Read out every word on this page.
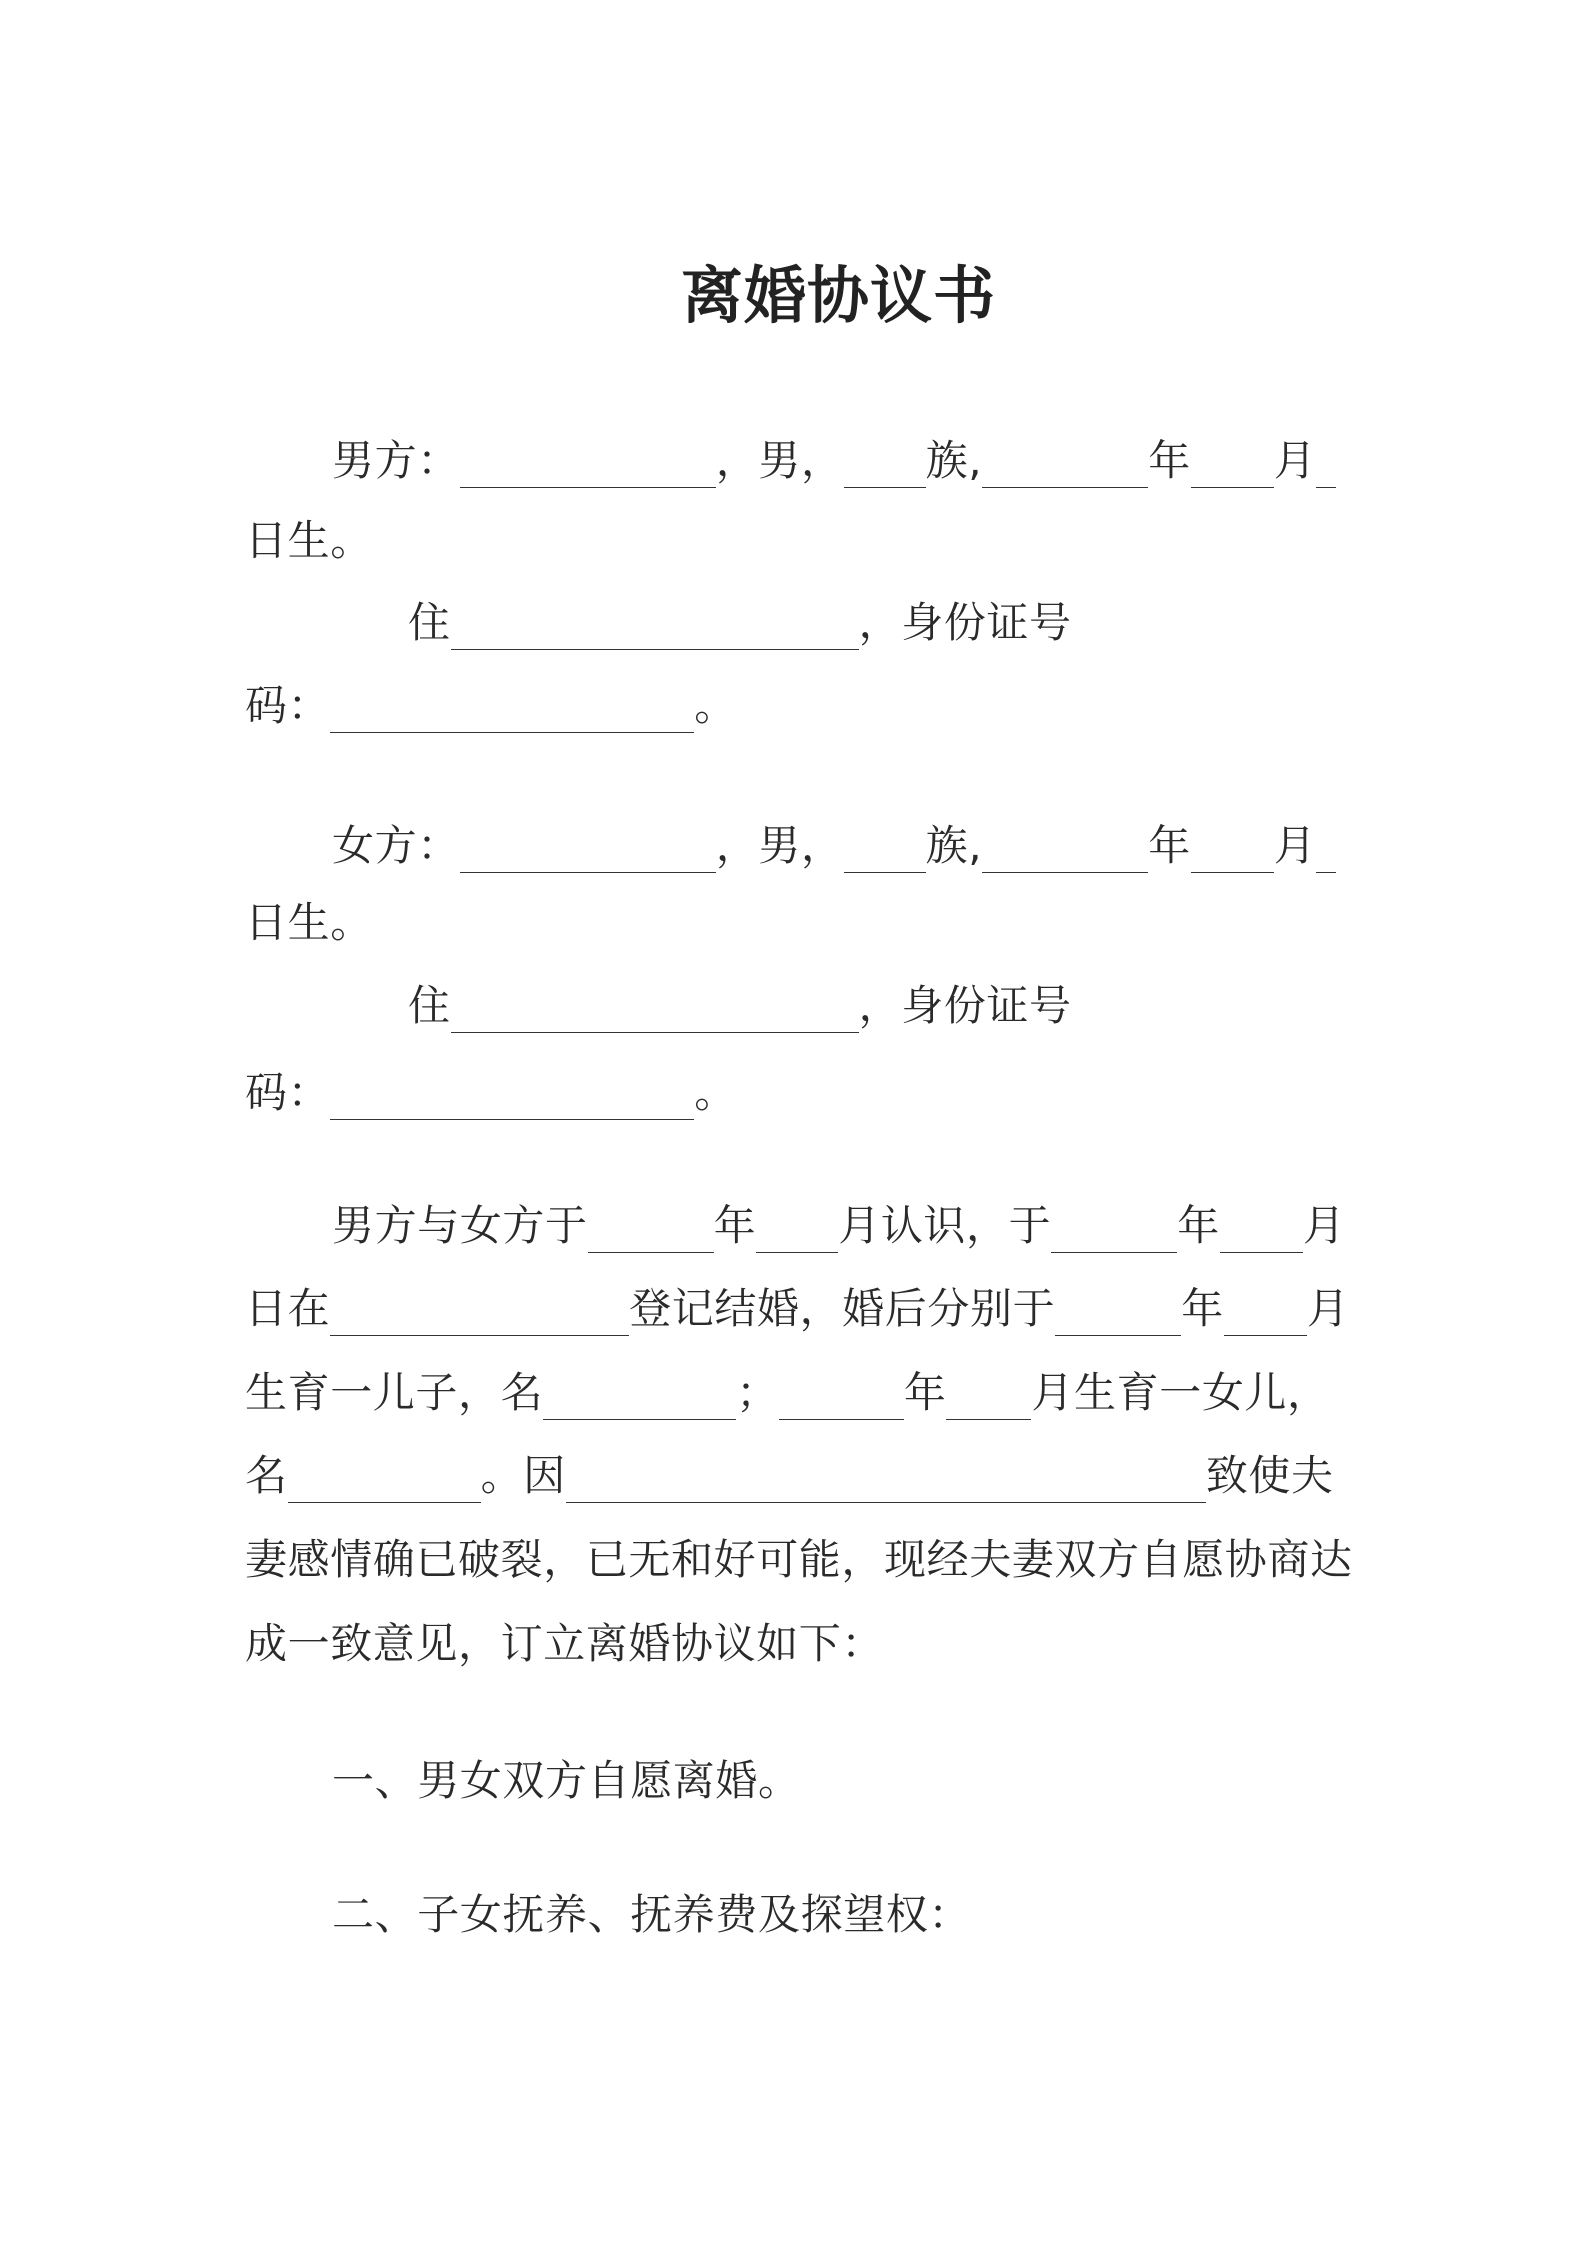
离婚协议书
男方：	，男， 族,	年 月
日生。
住	，身份证号
码：	。
女方：	，男， 族,	年 月
日生。
住	，身份证号
码：	。
男方与女方于	年 月认识，于	年 月
日在	登记结婚，婚后分别于	年 月
生育一儿子，名	；	年 月生育一女儿，
名	。因	致使夫
妻感情确已破裂，已无和好可能，现经夫妻双方自愿协商达
成一致意见，订立离婚协议如下：
一、男女双方自愿离婚。
二、子女抚养、抚养费及探望权：
